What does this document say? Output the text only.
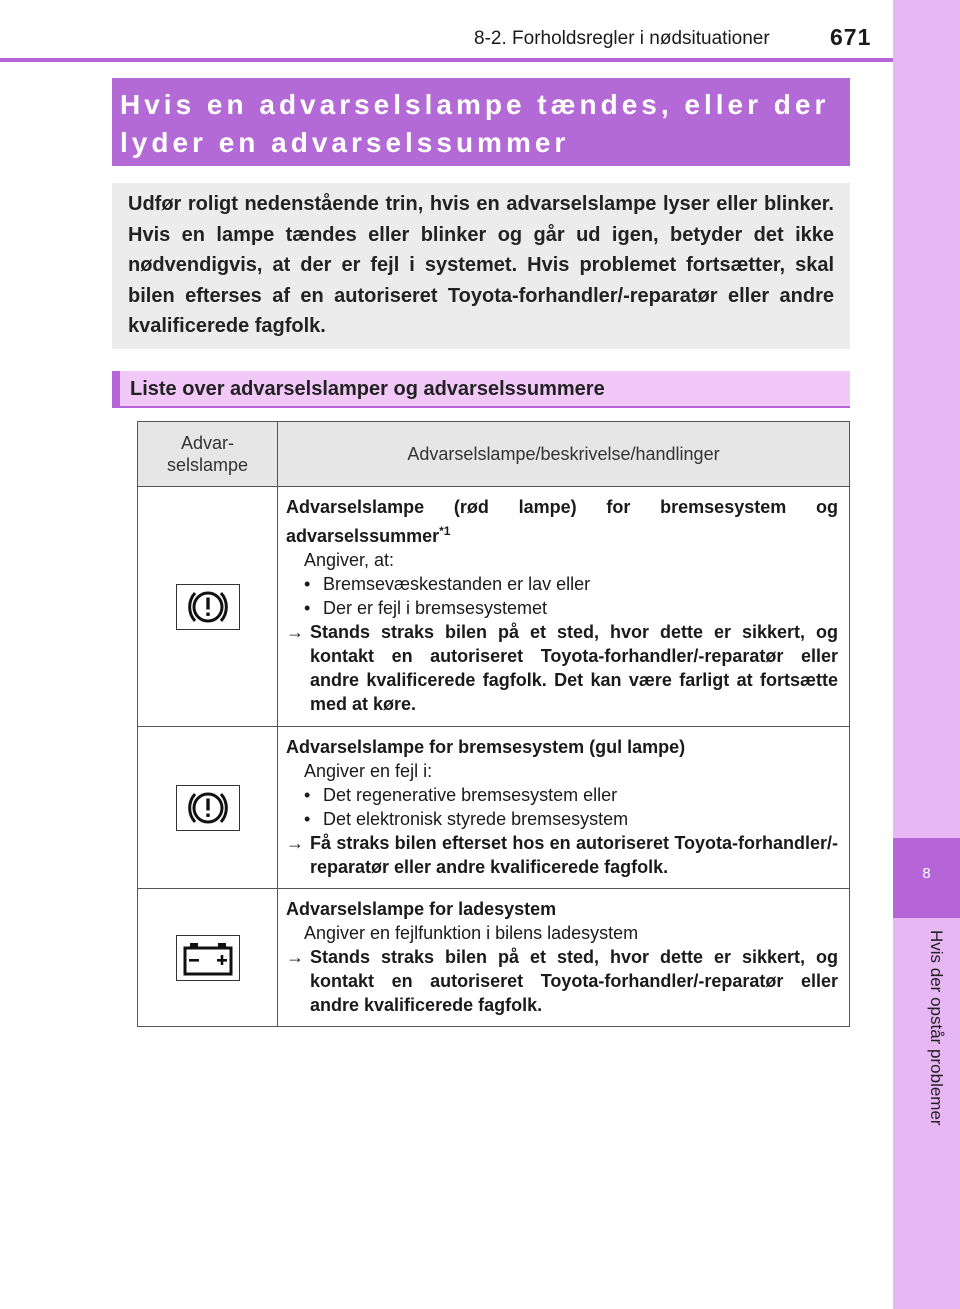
8
Hvis der opstår problemer
8-2. Forholdsregler i nødsituationer	671
Hvis en advarselslampe tændes, eller der
lyder en advarselssummer
Udfør roligt nedenstående trin, hvis en advarselslampe lyser eller blinker. Hvis en lampe tændes eller blinker og går ud igen, betyder det ikke nødvendigvis, at der er fejl i systemet. Hvis problemet fortsætter, skal bilen efterses af en autoriseret Toyota-forhandler/-reparatør eller andre kvalificerede fagfolk.
Liste over advarselslamper og advarselssummere
Advar-
selslampe	Advarselslampe/beskrivelse/handlinger

Advarselslampe (rød lampe) for bremsesystem og advarselssummer$^{*1}$
Angiver, at:
• Bremsevæskestanden er lav eller
• Der er fejl i bremsesystemet
→ Stands straks bilen på et sted, hvor dette er sikkert, og kontakt en autoriseret Toyota-forhandler/-reparatør eller andre kvalificerede fagfolk. Det kan være farligt at fortsætte med at køre.

Advarselslampe for bremsesystem (gul lampe)
Angiver en fejl i:
• Det regenerative bremsesystem eller
• Det elektronisk styrede bremsesystem
→ Få straks bilen efterset hos en autoriseret Toyota-forhandler/-reparatør eller andre kvalificerede fagfolk.

Advarselslampe for ladesystem
Angiver en fejlfunktion i bilens ladesystem
→ Stands straks bilen på et sted, hvor dette er sikkert, og kontakt en autoriseret Toyota-forhandler/-reparatør eller andre kvalificerede fagfolk.
